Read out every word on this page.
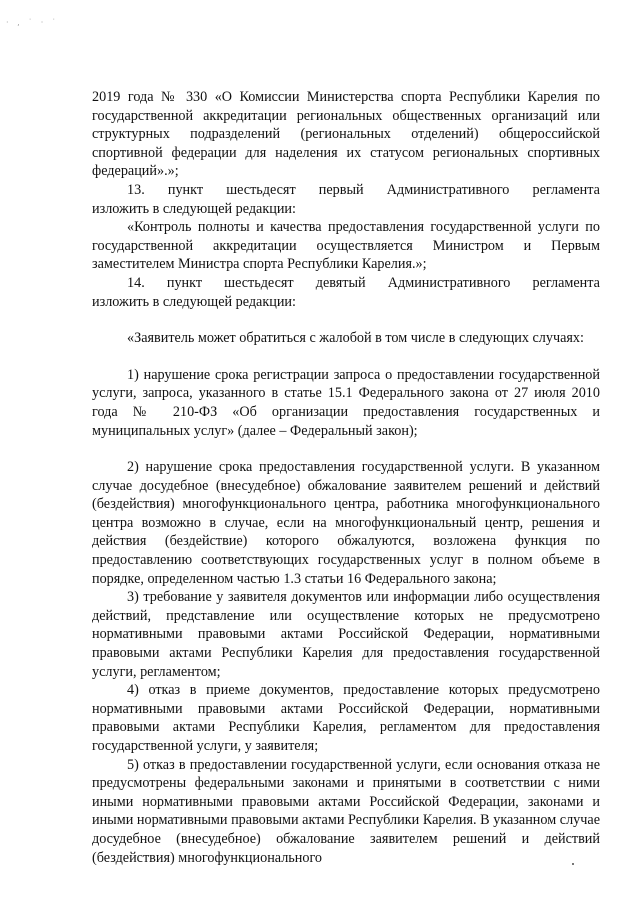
· , ˙ · ˙

2019 года № 330 «О Комиссии Министерства спорта Республики Карелия по государственной аккредитации региональных общественных организаций или структурных подразделений (региональных отделений) общероссийской спортивной федерации для наделения их статусом региональных спортивных федераций».»;

13. пункт шестьдесят первый Административного регламента

изложить в следующей редакции:

«Контроль полноты и качества предоставления государственной услуги по государственной аккредитации осуществляется Министром и Первым заместителем Министра спорта Республики Карелия.»;

14. пункт шестьдесят девятый Административного регламента

изложить в следующей редакции:

«Заявитель может обратиться с жалобой в том числе в следующих случаях:

1) нарушение срока регистрации запроса о предоставлении государственной услуги, запроса, указанного в статье 15.1 Федерального закона от 27 июля 2010 года № 210-ФЗ «Об организации предоставления государственных и муниципальных услуг» (далее – Федеральный закон);

2) нарушение срока предоставления государственной услуги. В указанном случае досудебное (внесудебное) обжалование заявителем решений и действий (бездействия) многофункционального центра, работника многофункционального центра возможно в случае, если на многофункциональный центр, решения и действия (бездействие) которого обжалуются, возложена функция по предоставлению соответствующих государственных услуг в полном объеме в порядке, определенном частью 1.3 статьи 16 Федерального закона;

3) требование у заявителя документов или информации либо осуществления действий, представление или осуществление которых не предусмотрено нормативными правовыми актами Российской Федерации, нормативными правовыми актами Республики Карелия для предоставления государственной услуги, регламентом;

4) отказ в приеме документов, предоставление которых предусмотрено нормативными правовыми актами Российской Федерации, нормативными правовыми актами Республики Карелия, регламентом для предоставления государственной услуги, у заявителя;

5) отказ в предоставлении государственной услуги, если основания отказа не предусмотрены федеральными законами и принятыми в соответствии с ними иными нормативными правовыми актами Российской Федерации, законами и иными нормативными правовыми актами Республики Карелия. В указанном случае досудебное (внесудебное) обжалование заявителем решений и действий (бездействия) многофункционального
